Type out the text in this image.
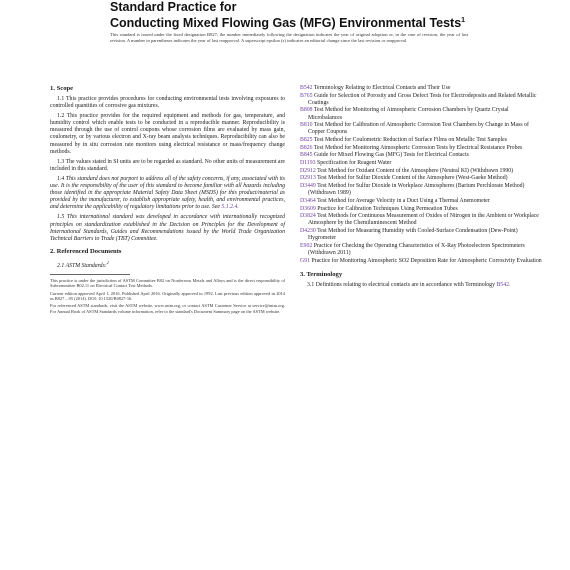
Standard Practice for
Conducting Mixed Flowing Gas (MFG) Environmental Tests$^1$
This standard is issued under the fixed designation B827; the number immediately following the designation indicates the year of original adoption or, in the case of revision, the year of last revision. A number in parentheses indicates the year of last reapproval. A superscript epsilon (ε) indicates an editorial change since the last revision or reapproval.
1. Scope

1.1 This practice provides procedures for conducting environmental tests involving exposures to controlled quantities of corrosive gas mixtures.

1.2 This practice provides for the required equipment and methods for gas, temperature, and humidity control which enable tests to be conducted in a reproducible manner. Reproducibility is measured through the use of control coupons whose corrosion films are evaluated by mass gain, coulometry, or by various electron and X-ray beam analysis techniques. Reproducibility can also be measured by in situ corrosion rate monitors using electrical resistance or mass/frequency change methods.

1.3 The values stated in SI units are to be regarded as standard. No other units of measurement are included in this standard.

1.4 This standard does not purport to address all of the safety concerns, if any, associated with its use. It is the responsibility of the user of this standard to become familiar with all hazards including those identified in the appropriate Material Safety Data Sheet (MSDS) for this product/material as provided by the manufacturer, to establish appropriate safety, health, and environmental practices, and determine the applicability of regulatory limitations prior to use. See 5.1.2.4.

1.5 This international standard was developed in accordance with internationally recognized principles on standardization established in the Decision on Principles for the Development of International Standards, Guides and Recommendations issued by the World Trade Organization Technical Barriers to Trade (TBT) Committee.

2. Referenced Documents

2.1 ASTM Standards:$^2$

This practice is under the jurisdiction of ASTM Committee B02 on Nonferrous Metals and Alloys and is the direct responsibility of Subcommittee B02.11 on Electrical Contact Test Methods.

Current edition approved April 1, 2016. Published April 2016. Originally approved in 1992. Last previous edition approved in 2014 as B827 – 05 (2014). DOI: 10.1520/B0827-16.

For referenced ASTM standards, visit the ASTM website, www.astm.org, or contact ASTM Customer Service at service@astm.org. For Annual Book of ASTM Standards volume information, refer to the standard's Document Summary page on the ASTM website.

B542 Terminology Relating to Electrical Contacts and Their Use
B765 Guide for Selection of Porosity and Gross Defect Tests for Electrodeposits and Related Metallic Coatings
B808 Test Method for Monitoring of Atmospheric Corrosion Chambers by Quartz Crystal Microbalances
B810 Test Method for Calibration of Atmospheric Corrosion Test Chambers by Change in Mass of Copper Coupons
B825 Test Method for Coulometric Reduction of Surface Films on Metallic Test Samples
B826 Test Method for Monitoring Atmospheric Corrosion Tests by Electrical Resistance Probes
B845 Guide for Mixed Flowing Gas (MFG) Tests for Electrical Contacts
D1193 Specification for Reagent Water
D2912 Test Method for Oxidant Content of the Atmosphere (Neutral KI) (Withdrawn 1990)
D2913 Test Method for Sulfur Dioxide Content of the Atmosphere (West-Gaeke Method)
D3449 Test Method for Sulfur Dioxide in Workplace Atmospheres (Barium Perchlorate Method) (Withdrawn 1989)
D3464 Test Method for Average Velocity in a Duct Using a Thermal Anemometer
D3609 Practice for Calibration Techniques Using Permeation Tubes
D3824 Test Methods for Continuous Measurement of Oxides of Nitrogen in the Ambient or Workplace Atmosphere by the Chemiluminescent Method
D4230 Test Method for Measuring Humidity with Cooled-Surface Condensation (Dew-Point) Hygrometer
E902 Practice for Checking the Operating Characteristics of X-Ray Photoelectron Spectrometers (Withdrawn 2011)
G91 Practice for Monitoring Atmospheric SO2 Deposition Rate for Atmospheric Corrosivity Evaluation
3. Terminology

3.1 Definitions relating to electrical contacts are in accordance with Terminology B542.
